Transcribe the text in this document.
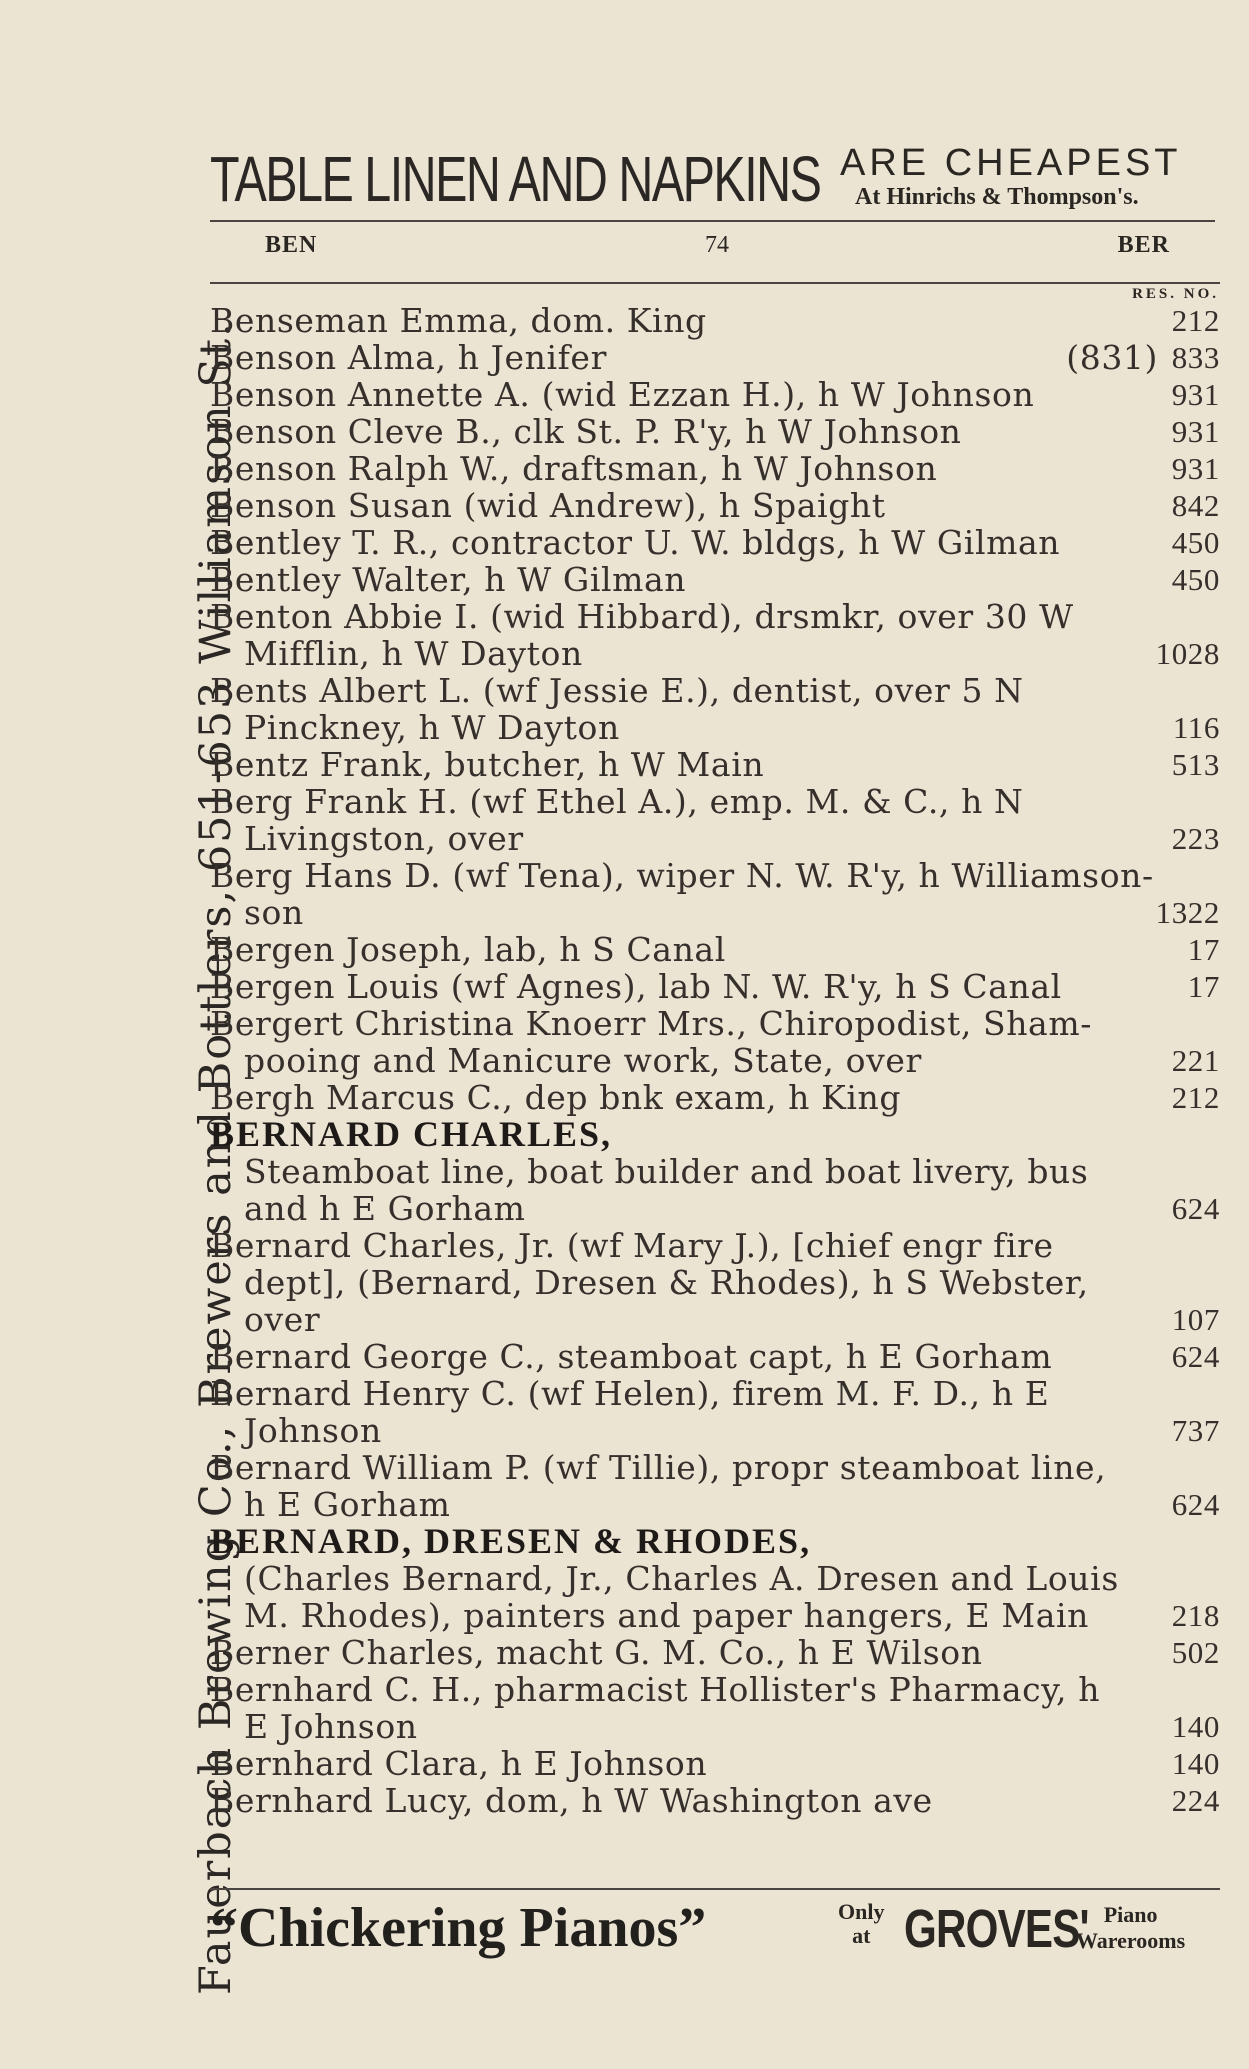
Fauerbach Brewing Co., Brewers and Bottlers, 651-653 Williamson St.
TABLE LINEN AND NAPKINS ARE CHEAPEST
At Hinrichs & Thompson's.
BEN	74	BER
RES. NO.
Benseman Emma, dom. King	212
Benson Alma, h Jenifer	(831) 833
Benson Annette A. (wid Ezzan H.), h W Johnson	931
Benson Cleve B., clk St. P. R'y, h W Johnson	931
Benson Ralph W., draftsman, h W Johnson	931
Benson Susan (wid Andrew), h Spaight	842
Bentley T. R., contractor U. W. bldgs, h W Gilman	450
Bentley Walter, h W Gilman	450
Benton Abbie I. (wid Hibbard), drsmkr, over 30 W
Mifflin, h W Dayton	1028
Bents Albert L. (wf Jessie E.), dentist, over 5 N
Pinckney, h W Dayton	116
Bentz Frank, butcher, h W Main	513
Berg Frank H. (wf Ethel A.), emp. M. & C., h N
Livingston, over	223
Berg Hans D. (wf Tena), wiper N. W. R'y, h Williamson-
son	1322
Bergen Joseph, lab, h S Canal	17
Bergen Louis (wf Agnes), lab N. W. R'y, h S Canal	17
Bergert Christina Knoerr Mrs., Chiropodist, Sham-
pooing and Manicure work, State, over	221
Bergh Marcus C., dep bnk exam, h King	212
BERNARD CHARLES,
Steamboat line, boat builder and boat livery, bus
and h E Gorham	624
Bernard Charles, Jr. (wf Mary J.), [chief engr fire
dept], (Bernard, Dresen & Rhodes), h S Webster,
over	107
Bernard George C., steamboat capt, h E Gorham	624
Bernard Henry C. (wf Helen), firem M. F. D., h E
Johnson	737
Bernard William P. (wf Tillie), propr steamboat line,
h E Gorham	624
BERNARD, DRESEN & RHODES,
(Charles Bernard, Jr., Charles A. Dresen and Louis
M. Rhodes), painters and paper hangers, E Main	218
Berner Charles, macht G. M. Co., h E Wilson	502
Bernhard C. H., pharmacist Hollister's Pharmacy, h
E Johnson	140
Bernhard Clara, h E Johnson	140
Bernhard Lucy, dom, h W Washington ave	224
“Chickering Pianos”	Only
at GROVES' Piano
Warerooms
